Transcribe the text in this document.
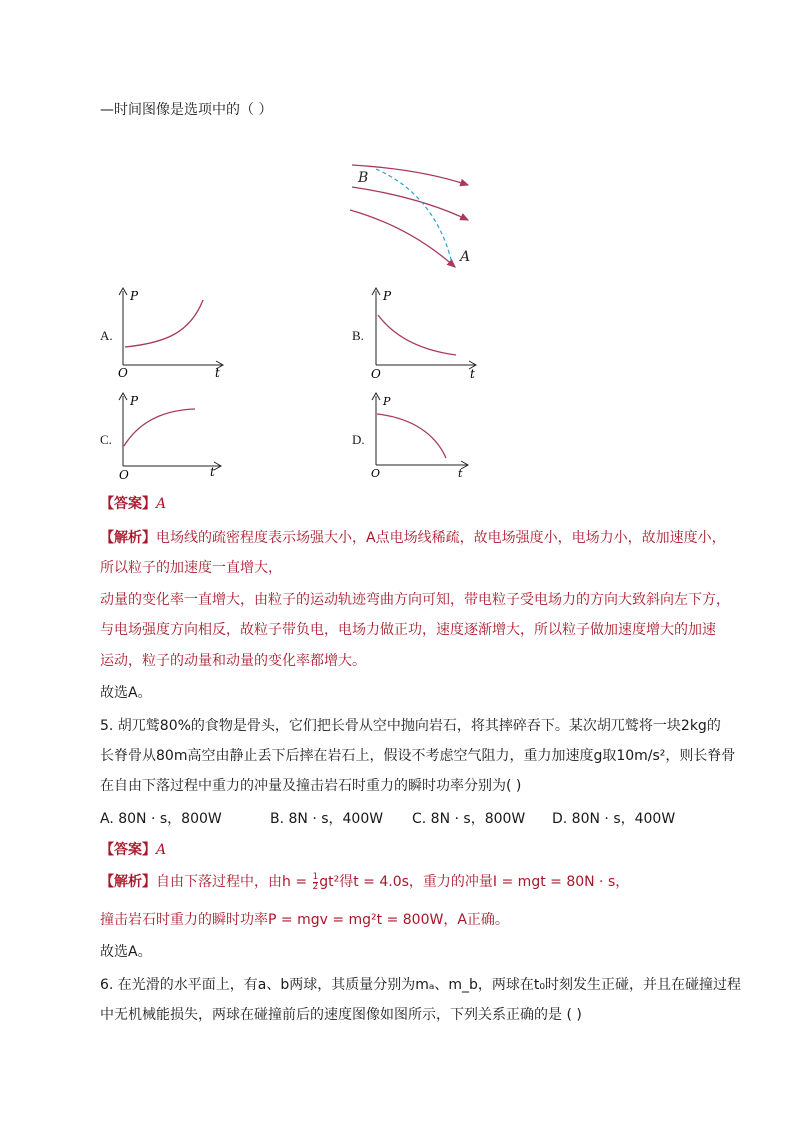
—时间图像是选项中的（ ）
B
A
A.
P
O	t
B.
P
O	t
C.
P
O	t
D.
P
O	t
【答案】A
【解析】电场线的疏密程度表示场强大小，A点电场线稀疏，故电场强度小，电场力小，故加速度小，
所以粒子的加速度一直增大，
动量的变化率一直增大，由粒子的运动轨迹弯曲方向可知，带电粒子受电场力的方向大致斜向左下方，
与电场强度方向相反，故粒子带负电，电场力做正功，速度逐渐增大，所以粒子做加速度增大的加速
运动，粒子的动量和动量的变化率都增大。
故选A。
5. 胡兀鹫80%的食物是骨头，它们把长骨从空中抛向岩石，将其摔碎吞下。某次胡兀鹫将一块2kg的
长脊骨从80m高空由静止丢下后摔在岩石上，假设不考虑空气阻力，重力加速度g取10m/s²，则长脊骨
在自由下落过程中重力的冲量及撞击岩石时重力的瞬时功率分别为( )
A. 80N · s，800W	B. 8N · s，400W C. 8N · s，800W D. 80N · s，400W
【答案】A
【解析】自由下落过程中，由$h = \frac{1}{2} gt^2$得t = 4.0s，重力的冲量I = mgt = 80N · s，
撞击岩石时重力的瞬时功率P = mgv = mg²t = 800W，A正确。
故选A。
6. 在光滑的水平面上，有a、b两球，其质量分别为mₐ、m_b，两球在t₀时刻发生正碰，并且在碰撞过程
中无机械能损失，两球在碰撞前后的速度图像如图所示，下列关系正确的是 ( )
